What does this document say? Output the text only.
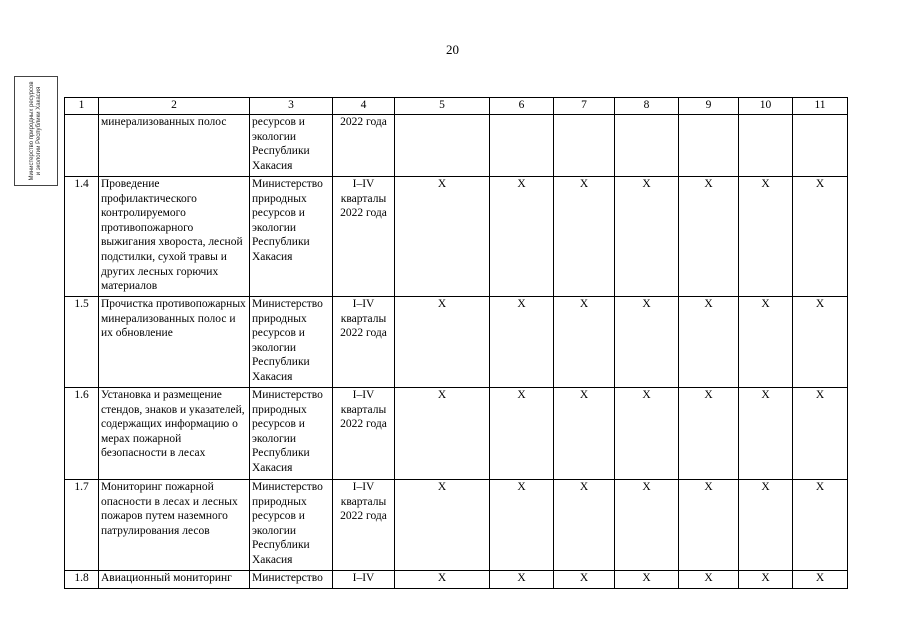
20
Министерство природных ресурсов и экологии Республики Хакасия	1	2	3	4	5	6	7	8	9	10	11
	минерализованных полос	ресурсов и экологии Республики Хакасия	2022 года							
1.4	Проведение профилактического контролируемого противопожарного выжигания хвороста, лесной подстилки, сухой травы и других лесных горючих материалов	Министерство природных ресурсов и экологии Республики Хакасия	I–IV кварталы 2022 года	X	X	X	X	X	X	X
1.5	Прочистка противопожарных минерализованных полос и их обновление	Министерство природных ресурсов и экологии Республики Хакасия	I–IV кварталы 2022 года	X	X	X	X	X	X	X
1.6	Установка и размещение стендов, знаков и указателей, содержащих информацию о мерах пожарной безопасности в лесах	Министерство природных ресурсов и экологии Республики Хакасия	I–IV кварталы 2022 года	X	X	X	X	X	X	X
1.7	Мониторинг пожарной опасности в лесах и лесных пожаров путем наземного патрулирования лесов	Министерство природных ресурсов и экологии Республики Хакасия	I–IV кварталы 2022 года	X	X	X	X	X	X	X
1.8	Авиационный мониторинг	Министерство	I–IV	X	X	X	X	X	X	X
